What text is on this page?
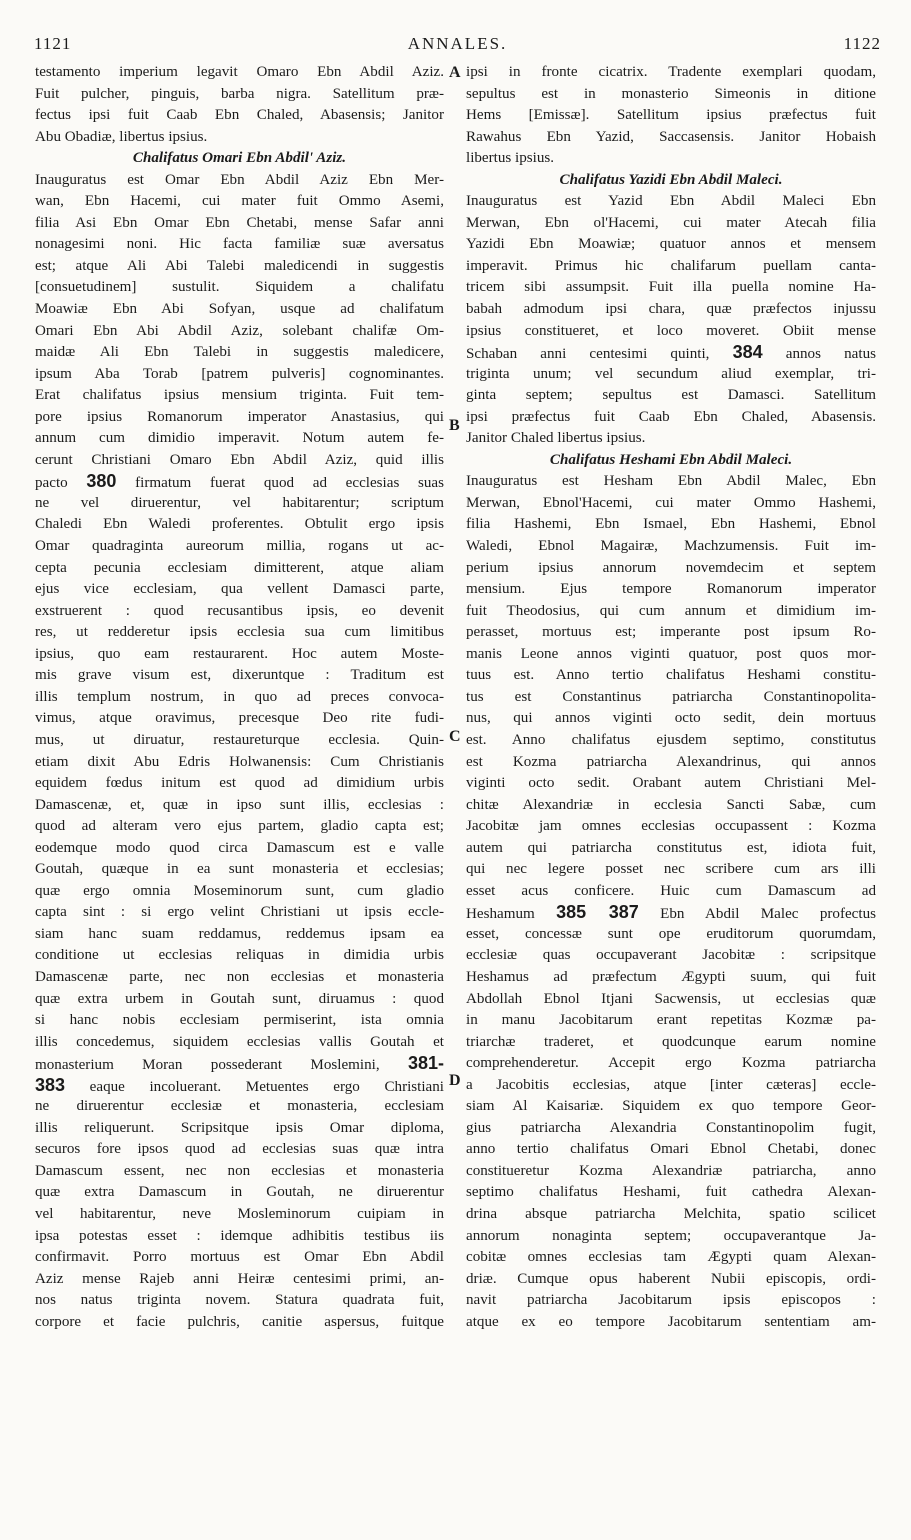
1121	ANNALES.	1122
A
B
C
D
testamento imperium legavit Omaro Ebn Abdil Aziz.
Fuit pulcher, pinguis, barba nigra. Satellitum præ-
fectus ipsi fuit Caab Ebn Chaled, Abasensis; Janitor
Abu Obadiæ, libertus ipsius.
Chalifatus Omari Ebn Abdil' Aziz.
Inauguratus est Omar Ebn Abdil Aziz Ebn Mer-
wan, Ebn Hacemi, cui mater fuit Ommo Asemi,
filia Asi Ebn Omar Ebn Chetabi, mense Safar anni
nonagesimi noni. Hic facta familiæ suæ aversatus
est; atque Ali Abi Talebi maledicendi in suggestis
[consuetudinem] sustulit. Siquidem a chalifatu
Moawiæ Ebn Abi Sofyan, usque ad chalifatum
Omari Ebn Abi Abdil Aziz, solebant chalifæ Om-
maidæ Ali Ebn Talebi in suggestis maledicere,
ipsum Aba Torab [patrem pulveris] cognominantes.
Erat chalifatus ipsius mensium triginta. Fuit tem-
pore ipsius Romanorum imperator Anastasius, qui
annum cum dimidio imperavit. Notum autem fe-
cerunt Christiani Omaro Ebn Abdil Aziz, quid illis
pacto 380 firmatum fuerat quod ad ecclesias suas
ne vel diruerentur, vel habitarentur; scriptum
Chaledi Ebn Waledi proferentes. Obtulit ergo ipsis
Omar quadraginta aureorum millia, rogans ut ac-
cepta pecunia ecclesiam dimitterent, atque aliam
ejus vice ecclesiam, qua vellent Damasci parte,
exstruerent : quod recusantibus ipsis, eo devenit
res, ut redderetur ipsis ecclesia sua cum limitibus
ipsius, quo eam restaurarent. Hoc autem Moste-
mis grave visum est, dixeruntque : Traditum est
illis templum nostrum, in quo ad preces convoca-
vimus, atque oravimus, precesque Deo rite fudi-
mus, ut diruatur, restaureturque ecclesia. Quin-
etiam dixit Abu Edris Holwanensis: Cum Christianis
equidem fœdus initum est quod ad dimidium urbis
Damascenæ, et, quæ in ipso sunt illis, ecclesias :
quod ad alteram vero ejus partem, gladio capta est;
eodemque modo quod circa Damascum est e valle
Goutah, quæque in ea sunt monasteria et ecclesias;
quæ ergo omnia Moseminorum sunt, cum gladio
capta sint : si ergo velint Christiani ut ipsis eccle-
siam hanc suam reddamus, reddemus ipsam ea
conditione ut ecclesias reliquas in dimidia urbis
Damascenæ parte, nec non ecclesias et monasteria
quæ extra urbem in Goutah sunt, diruamus : quod
si hanc nobis ecclesiam permiserint, ista omnia
illis concedemus, siquidem ecclesias vallis Goutah et
monasterium Moran possederant Moslemini, 381-
383 eaque incoluerant. Metuentes ergo Christiani
ne diruerentur ecclesiæ et monasteria, ecclesiam
illis reliquerunt. Scripsitque ipsis Omar diploma,
securos fore ipsos quod ad ecclesias suas quæ intra
Damascum essent, nec non ecclesias et monasteria
quæ extra Damascum in Goutah, ne diruerentur
vel habitarentur, neve Mosleminorum cuipiam in
ipsa potestas esset : idemque adhibitis testibus iis
confirmavit. Porro mortuus est Omar Ebn Abdil
Aziz mense Rajeb anni Heiræ centesimi primi, an-
nos natus triginta novem. Statura quadrata fuit,
corpore et facie pulchris, canitie aspersus, fuitque
ipsi in fronte cicatrix. Tradente exemplari quodam,
sepultus est in monasterio Simeonis in ditione
Hems [Emissæ]. Satellitum ipsius præfectus fuit
Rawahus Ebn Yazid, Saccasensis. Janitor Hobaish
libertus ipsius.
Chalifatus Yazidi Ebn Abdil Maleci.
Inauguratus est Yazid Ebn Abdil Maleci Ebn
Merwan, Ebn ol'Hacemi, cui mater Atecah filia
Yazidi Ebn Moawiæ; quatuor annos et mensem
imperavit. Primus hic chalifarum puellam canta-
tricem sibi assumpsit. Fuit illa puella nomine Ha-
babah admodum ipsi chara, quæ præfectos injussu
ipsius constitueret, et loco moveret. Obiit mense
Schaban anni centesimi quinti, 384 annos natus
triginta unum; vel secundum aliud exemplar, tri-
ginta septem; sepultus est Damasci. Satellitum
ipsi præfectus fuit Caab Ebn Chaled, Abasensis.
Janitor Chaled libertus ipsius.
Chalifatus Heshami Ebn Abdil Maleci.
Inauguratus est Hesham Ebn Abdil Malec, Ebn
Merwan, Ebnol'Hacemi, cui mater Ommo Hashemi,
filia Hashemi, Ebn Ismael, Ebn Hashemi, Ebnol
Waledi, Ebnol Magairæ, Machzumensis. Fuit im-
perium ipsius annorum novemdecim et septem
mensium. Ejus tempore Romanorum imperator
fuit Theodosius, qui cum annum et dimidium im-
perasset, mortuus est; imperante post ipsum Ro-
manis Leone annos viginti quatuor, post quos mor-
tuus est. Anno tertio chalifatus Heshami constitu-
tus est Constantinus patriarcha Constantinopolita-
nus, qui annos viginti octo sedit, dein mortuus
est. Anno chalifatus ejusdem septimo, constitutus
est Kozma patriarcha Alexandrinus, qui annos
viginti octo sedit. Orabant autem Christiani Mel-
chitæ Alexandriæ in ecclesia Sancti Sabæ, cum
Jacobitæ jam omnes ecclesias occupassent : Kozma
autem qui patriarcha constitutus est, idiota fuit,
qui nec legere posset nec scribere cum ars illi
esset acus conficere. Huic cum Damascum ad
Heshamum 385 387 Ebn Abdil Malec profectus
esset, concessæ sunt ope eruditorum quorumdam,
ecclesiæ quas occupaverant Jacobitæ : scripsitque
Heshamus ad præfectum Ægypti suum, qui fuit
Abdollah Ebnol Itjani Sacwensis, ut ecclesias quæ
in manu Jacobitarum erant repetitas Kozmæ pa-
triarchæ traderet, et quodcunque earum nomine
comprehenderetur. Accepit ergo Kozma patriarcha
a Jacobitis ecclesias, atque [inter cæteras] eccle-
siam Al Kaisariæ. Siquidem ex quo tempore Geor-
gius patriarcha Alexandria Constantinopolim fugit,
anno tertio chalifatus Omari Ebnol Chetabi, donec
constitueretur Kozma Alexandriæ patriarcha, anno
septimo chalifatus Heshami, fuit cathedra Alexan-
drina absque patriarcha Melchita, spatio scilicet
annorum nonaginta septem; occupaverantque Ja-
cobitæ omnes ecclesias tam Ægypti quam Alexan-
driæ. Cumque opus haberent Nubii episcopis, ordi-
navit patriarcha Jacobitarum ipsis episcopos :
atque ex eo tempore Jacobitarum sententiam am-
